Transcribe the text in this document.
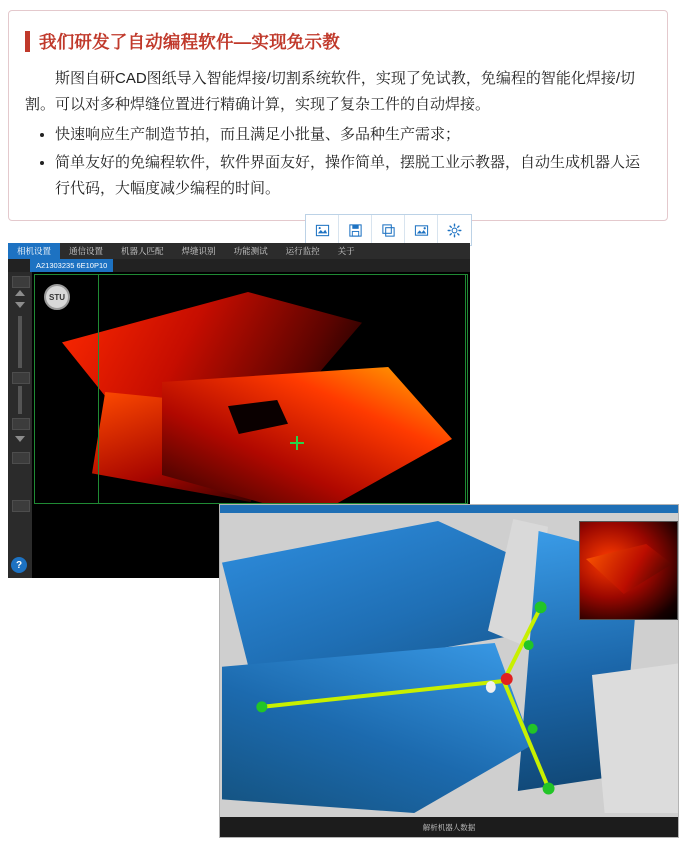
我们研发了自动编程软件—实现免示教

斯图自研CAD图纸导入智能焊接/切割系统软件，实现了免试教，免编程的智能化焊接/切割。可以对多种焊缝位置进行精确计算，实现了复杂工件的自动焊接。

• 快速响应生产制造节拍，而且满足小批量、多品种生产需求；
• 简单友好的免编程软件，软件界面友好，操作简单，摆脱工业示教器，自动生成机器人运行代码，大幅度减少编程的时间。
相机设置	通信设置	机器人匹配	焊缝识别	功能测试	运行监控	关于
A21303235 6E10P10
?
STU
解析机器人数据
